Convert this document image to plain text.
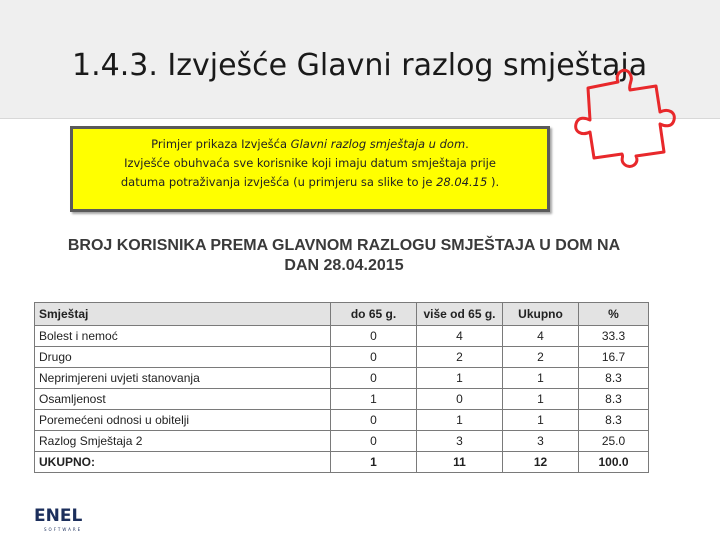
1.4.3. Izvješće Glavni razlog smještaja

Primjer prikaza Izvješća Glavni razlog smještaja u dom.

Izvješće obuhvaća sve korisnike koji imaju datum smještaja prije

datuma potraživanja izvješća (u primjeru sa slike to je 28.04.15 ).

BROJ KORISNIKA PREMA GLAVNOM RAZLOGU SMJEŠTAJA U DOM NA
DAN 28.04.2015
Smještaj	do 65 g.	više od 65 g.	Ukupno	%
Bolest i nemoć	0	4	4	33.3
Drugo	0	2	2	16.7
Neprimjereni uvjeti stanovanja	0	1	1	8.3
Osamljenost	1	0	1	8.3
Poremećeni odnosi u obitelji	0	1	1	8.3
Razlog Smještaja 2	0	3	3	25.0
UKUPNO:	1	11	12	100.0
ENEL
SOFTWARE
